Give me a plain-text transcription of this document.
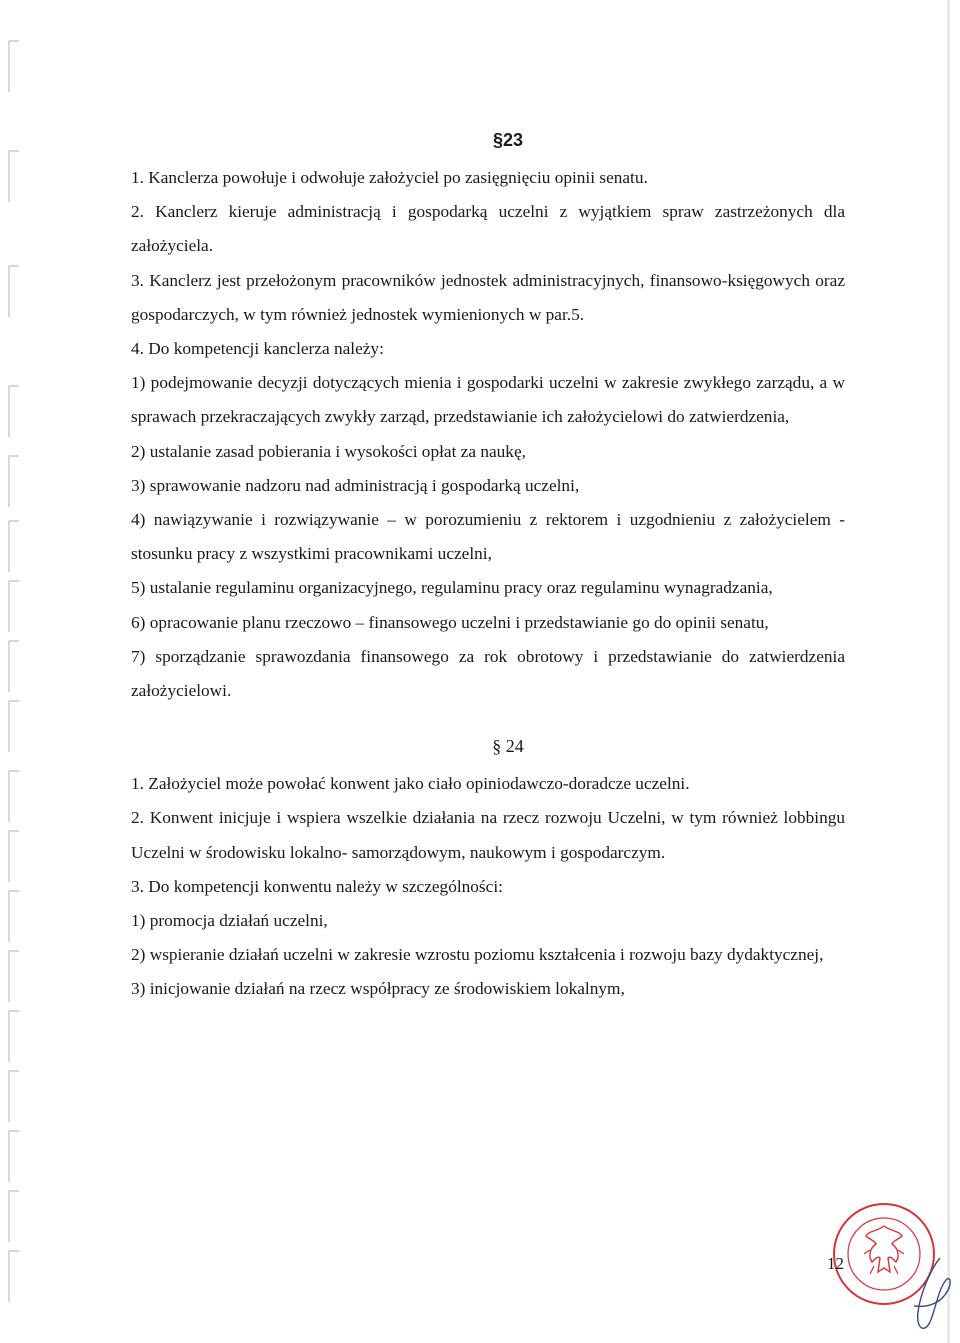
§23

1. Kanclerza powołuje i odwołuje założyciel po zasięgnięciu opinii senatu.

2. Kanclerz kieruje administracją i gospodarką uczelni z wyjątkiem spraw zastrzeżonych dla założyciela.

3. Kanclerz jest przełożonym pracowników jednostek administracyjnych, finansowo-księgowych oraz gospodarczych, w tym również jednostek wymienionych w par.5.

4. Do kompetencji kanclerza należy:

1) podejmowanie decyzji dotyczących mienia i gospodarki uczelni w zakresie zwykłego zarządu, a w sprawach przekraczających zwykły zarząd, przedstawianie ich założycielowi do zatwierdzenia,

2) ustalanie zasad pobierania i wysokości opłat za naukę,

3) sprawowanie nadzoru nad administracją i gospodarką uczelni,

4) nawiązywanie i rozwiązywanie – w porozumieniu z rektorem i uzgodnieniu z założycielem - stosunku pracy z wszystkimi pracownikami uczelni,

5) ustalanie regulaminu organizacyjnego, regulaminu pracy oraz regulaminu wynagradzania,

6) opracowanie planu rzeczowo – finansowego uczelni i przedstawianie go do opinii senatu,

7) sporządzanie sprawozdania finansowego za rok obrotowy i przedstawianie do zatwierdzenia założycielowi.

§ 24

1. Założyciel może powołać konwent jako ciało opiniodawczo-doradcze uczelni.

2. Konwent inicjuje i wspiera wszelkie działania na rzecz rozwoju Uczelni, w tym również lobbingu Uczelni w środowisku lokalno- samorządowym, naukowym i gospodarczym.

3. Do kompetencji konwentu należy w szczególności:

1) promocja działań uczelni,

2) wspieranie działań uczelni w zakresie wzrostu poziomu kształcenia i rozwoju bazy dydaktycznej,

3) inicjowanie działań na rzecz współpracy ze środowiskiem lokalnym,

12
